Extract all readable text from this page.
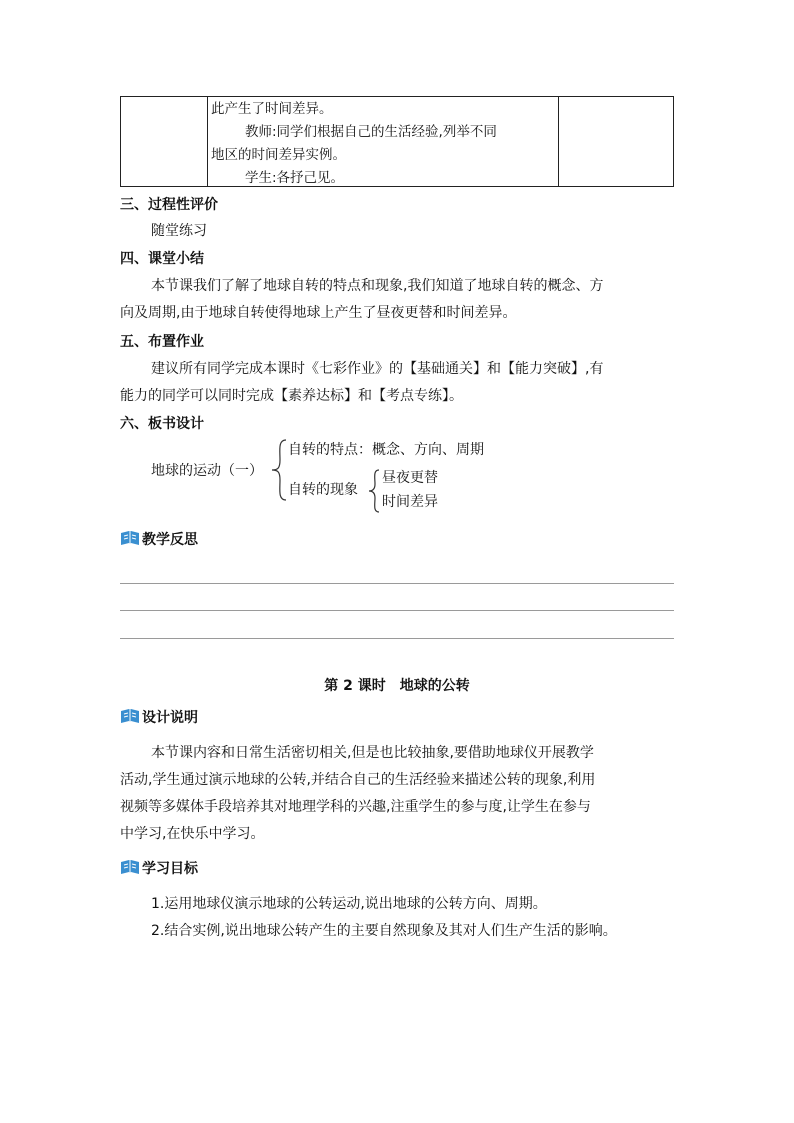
此产生了时间差异。
教师:同学们根据自己的生活经验,列举不同
地区的时间差异实例。
学生:各抒己见。
三、过程性评价
随堂练习
四、课堂小结
本节课我们了解了地球自转的特点和现象,我们知道了地球自转的概念、方
向及周期,由于地球自转使得地球上产生了昼夜更替和时间差异。
五、布置作业
建议所有同学完成本课时《七彩作业》的【基础通关】和【能力突破】,有
能力的同学可以同时完成【素养达标】和【考点专练】。
六、板书设计
地球的运动（一）
自转的特点：概念、方向、周期
自转的现象
昼夜更替
时间差异
教学反思
第 2 课时　地球的公转
设计说明
本节课内容和日常生活密切相关,但是也比较抽象,要借助地球仪开展教学
活动,学生通过演示地球的公转,并结合自己的生活经验来描述公转的现象,利用
视频等多媒体手段培养其对地理学科的兴趣,注重学生的参与度,让学生在参与
中学习,在快乐中学习。
学习目标
1.运用地球仪演示地球的公转运动,说出地球的公转方向、周期。
2.结合实例,说出地球公转产生的主要自然现象及其对人们生产生活的影响。
